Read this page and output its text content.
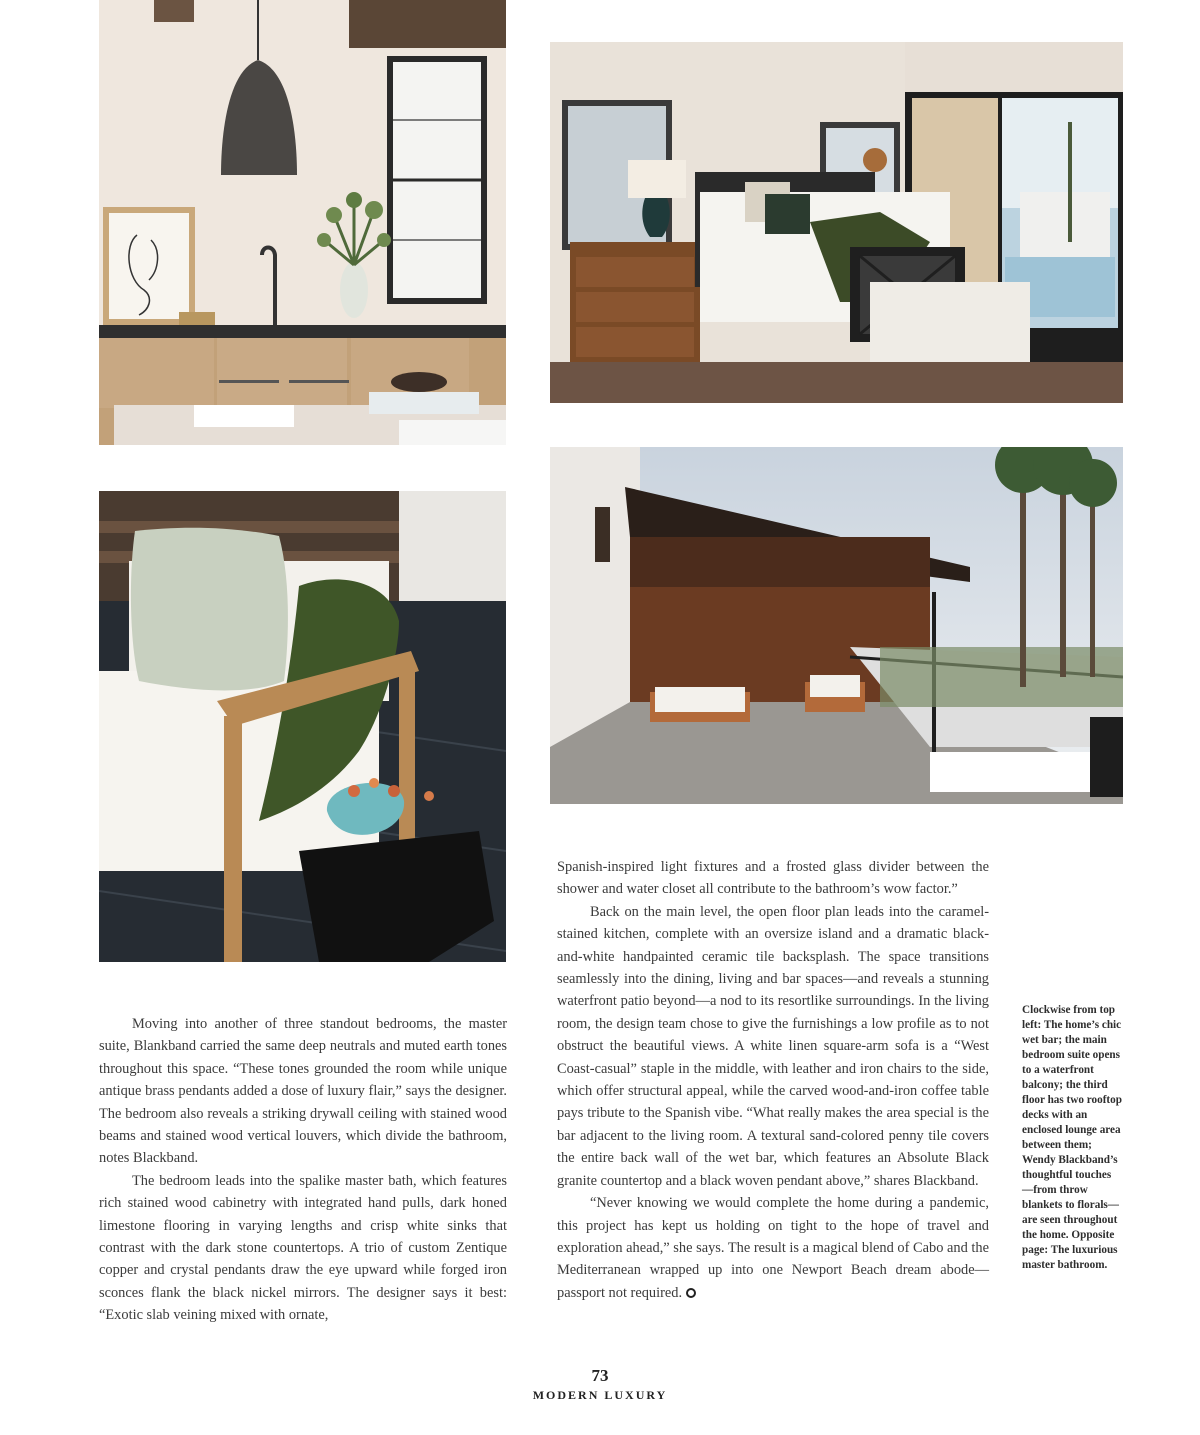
Moving into another of three standout bedrooms, the master suite, Blankband carried the same deep neutrals and muted earth tones throughout this space. “These tones grounded the room while unique antique brass pendants added a dose of luxury flair,” says the designer. The bedroom also reveals a striking drywall ceiling with stained wood beams and stained wood vertical louvers, which divide the bathroom, notes Blackband.

The bedroom leads into the spalike master bath, which features rich stained wood cabinetry with integrated hand pulls, dark honed limestone flooring in varying lengths and crisp white sinks that contrast with the dark stone countertops. A trio of custom Zentique copper and crystal pendants draw the eye upward while forged iron sconces flank the black nickel mirrors. The designer says it best: “Exotic slab veining mixed with ornate,

Spanish-inspired light fixtures and a frosted glass divider between the shower and water closet all contribute to the bathroom’s wow factor.”

Back on the main level, the open floor plan leads into the caramel-stained kitchen, complete with an oversize island and a dramatic black-and-white handpainted ceramic tile backsplash. The space transitions seamlessly into the dining, living and bar spaces—and reveals a stunning waterfront patio beyond—a nod to its resortlike surroundings. In the living room, the design team chose to give the furnishings a low profile as to not obstruct the beautiful views. A white linen square-arm sofa is a “West Coast-casual” staple in the middle, with leather and iron chairs to the side, which offer structural appeal, while the carved wood-and-iron coffee table pays tribute to the Spanish vibe. “What really makes the area special is the bar adjacent to the living room. A textural sand-colored penny tile covers the entire back wall of the wet bar, which features an Absolute Black granite countertop and a black woven pendant above,” shares Blackband.

“Never knowing we would complete the home during a pandemic, this project has kept us holding on tight to the hope of travel and exploration ahead,” she says. The result is a magical blend of Cabo and the Mediterranean wrapped up into one Newport Beach dream abode—passport not required.

Clockwise from top left: The home’s chic wet bar; the main bedroom suite opens to a waterfront balcony; the third floor has two rooftop decks with an enclosed lounge area between them; Wendy Blackband’s thoughtful touches—from throw blankets to florals—are seen throughout the home. Opposite page: The luxurious master bathroom.
73
MODERN LUXURY
